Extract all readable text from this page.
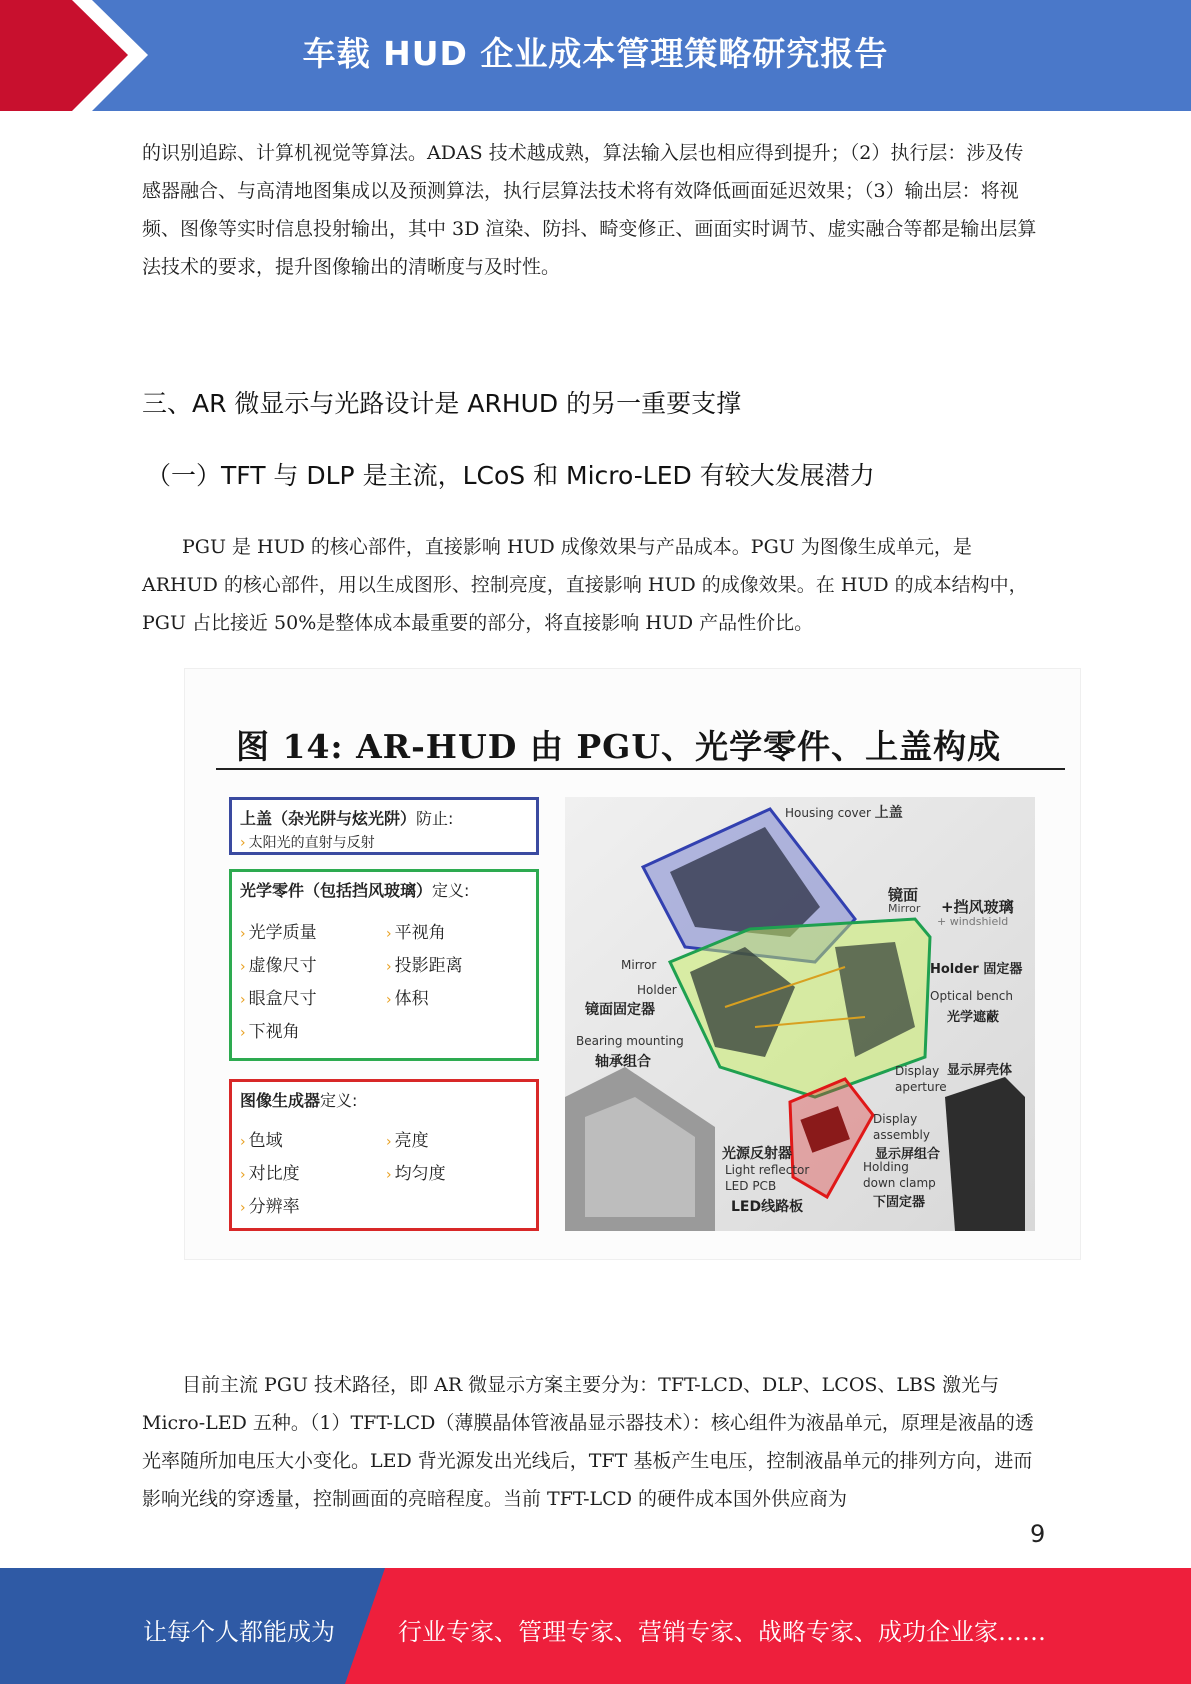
车载 HUD 企业成本管理策略研究报告

的识别追踪、计算机视觉等算法。ADAS 技术越成熟，算法输入层也相应得到提升；（2）执行层：涉及传感器融合、与高清地图集成以及预测算法，执行层算法技术将有效降低画面延迟效果；（3）输出层：将视频、图像等实时信息投射输出，其中 3D 渲染、防抖、畸变修正、画面实时调节、虚实融合等都是输出层算法技术的要求，提升图像输出的清晰度与及时性。

三、AR 微显示与光路设计是 ARHUD 的另一重要支撑
（一）TFT 与 DLP 是主流，LCoS 和 Micro-LED 有较大发展潜力

PGU 是 HUD 的核心部件，直接影响 HUD 成像效果与产品成本。PGU 为图像生成单元，是 ARHUD 的核心部件，用以生成图形、控制亮度，直接影响 HUD 的成像效果。在 HUD 的成本结构中，PGU 占比接近 50%是整体成本最重要的部分，将直接影响 HUD 产品性价比。

图 14: AR-HUD 由 PGU、光学零件、上盖构成
上盖（杂光阱与炫光阱）防止:
› 太阳光的直射与反射
光学零件（包括挡风玻璃）定义:
› 光学质量	› 平视角
› 虚像尺寸	› 投影距离
› 眼盒尺寸	› 体积
› 下视角
图像生成器定义:
› 色域	› 亮度
› 对比度	› 均匀度
› 分辨率
Housing cover 上盖
镜面
Mirror +挡风玻璃
+ windshield
Mirror
Holder
镜面固定器
Holder 固定器
Optical bench
光学遮蔽
Bearing mounting
轴承组合
Display
aperture
显示屏壳体
Display
assembly
显示屏组合
Holding
down clamp
下固定器
光源反射器
Light reflector
LED PCB
LED线路板

目前主流 PGU 技术路径，即 AR 微显示方案主要分为：TFT-LCD、DLP、LCOS、LBS 激光与 Micro-LED 五种。（1）TFT-LCD（薄膜晶体管液晶显示器技术）：核心组件为液晶单元，原理是液晶的透光率随所加电压大小变化。LED 背光源发出光线后，TFT 基板产生电压，控制液晶单元的排列方向，进而影响光线的穿透量，控制画面的亮暗程度。当前 TFT-LCD 的硬件成本国外供应商为

9
让每个人都能成为	行业专家、管理专家、营销专家、战略专家、成功企业家……
